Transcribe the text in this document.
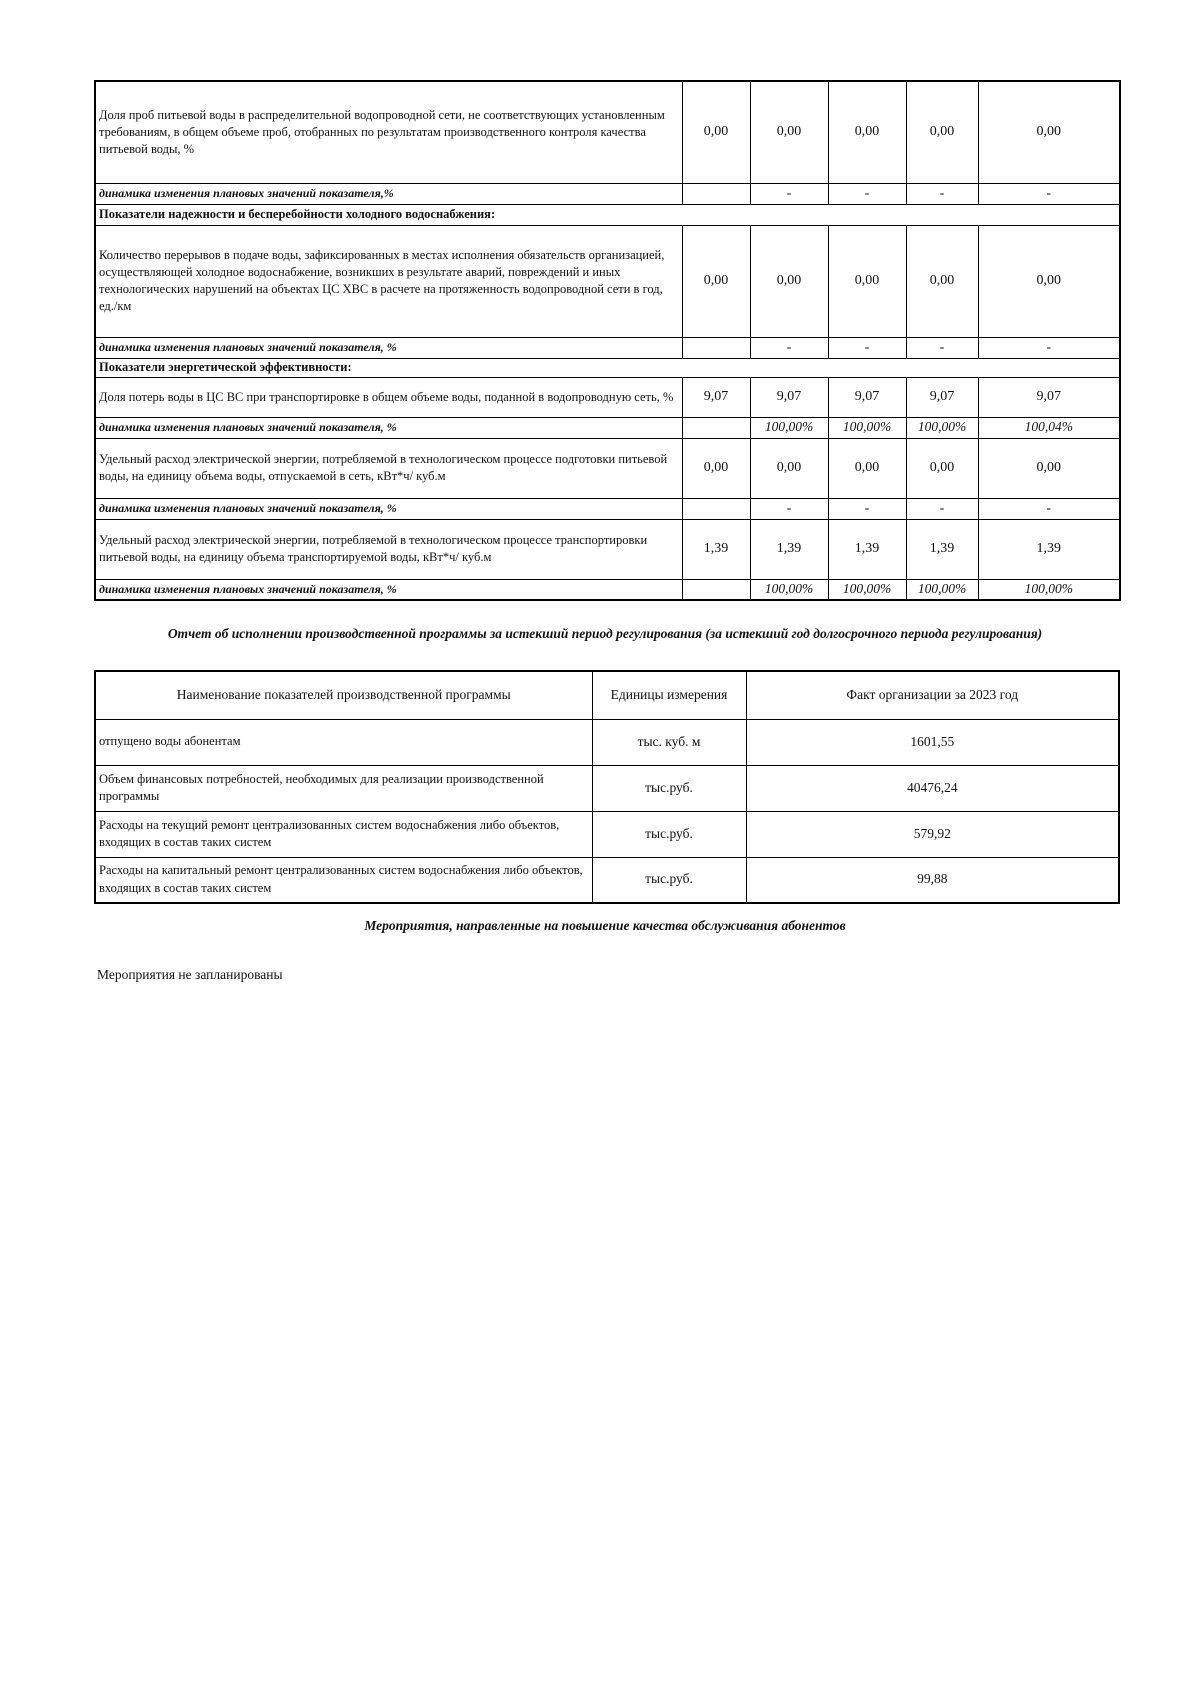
Доля проб питьевой воды в распределительной водопроводной сети, не соответствующих установленным требованиям, в общем объеме проб, отобранных по результатам производственного контроля качества питьевой воды, %	0,00	0,00	0,00	0,00	0,00
динамика изменения плановых значений показателя,%		-	-	-	-
Показатели надежности и бесперебойности холодного водоснабжения:					
Количество перерывов в подаче воды, зафиксированных в местах исполнения обязательств организацией, осуществляющей холодное водоснабжение, возникших в результате аварий, повреждений и иных технологических нарушений на объектах ЦС ХВС в расчете на протяженность водопроводной сети в год, ед./км	0,00	0,00	0,00	0,00	0,00
динамика изменения плановых значений показателя, %		-	-	-	-
Показатели энергетической эффективности:					
Доля потерь воды в ЦС ВС при транспортировке в общем объеме воды, поданной в водопроводную сеть, %	9,07	9,07	9,07	9,07	9,07
динамика изменения плановых значений показателя, %		100,00%	100,00%	100,00%	100,04%
Удельный расход электрической энергии, потребляемой в технологическом процессе подготовки питьевой воды, на единицу объема воды, отпускаемой в сеть, кВт*ч/ куб.м	0,00	0,00	0,00	0,00	0,00
динамика изменения плановых значений показателя, %		-	-	-	-
Удельный расход электрической энергии, потребляемой в технологическом процессе транспортировки питьевой воды, на единицу объема транспортируемой воды, кВт*ч/ куб.м	1,39	1,39	1,39	1,39	1,39
динамика изменения плановых значений показателя, %		100,00%	100,00%	100,00%	100,00%
Отчет об исполнении производственной программы за истекший период регулирования (за истекший год долгосрочного периода регулирования)
Наименование показателей производственной программы	Единицы измерения	Факт организации за 2023 год
отпущено воды абонентам	тыс. куб. м	1601,55
Объем финансовых потребностей, необходимых для реализации производственной программы	тыс.руб.	40476,24
Расходы на текущий ремонт централизованных систем водоснабжения либо объектов, входящих в состав таких систем	тыс.руб.	579,92
Расходы на капитальный ремонт централизованных систем водоснабжения либо объектов, входящих в состав таких систем	тыс.руб.	99,88
Мероприятия, направленные на повышение качества обслуживания абонентов
Мероприятия не запланированы
